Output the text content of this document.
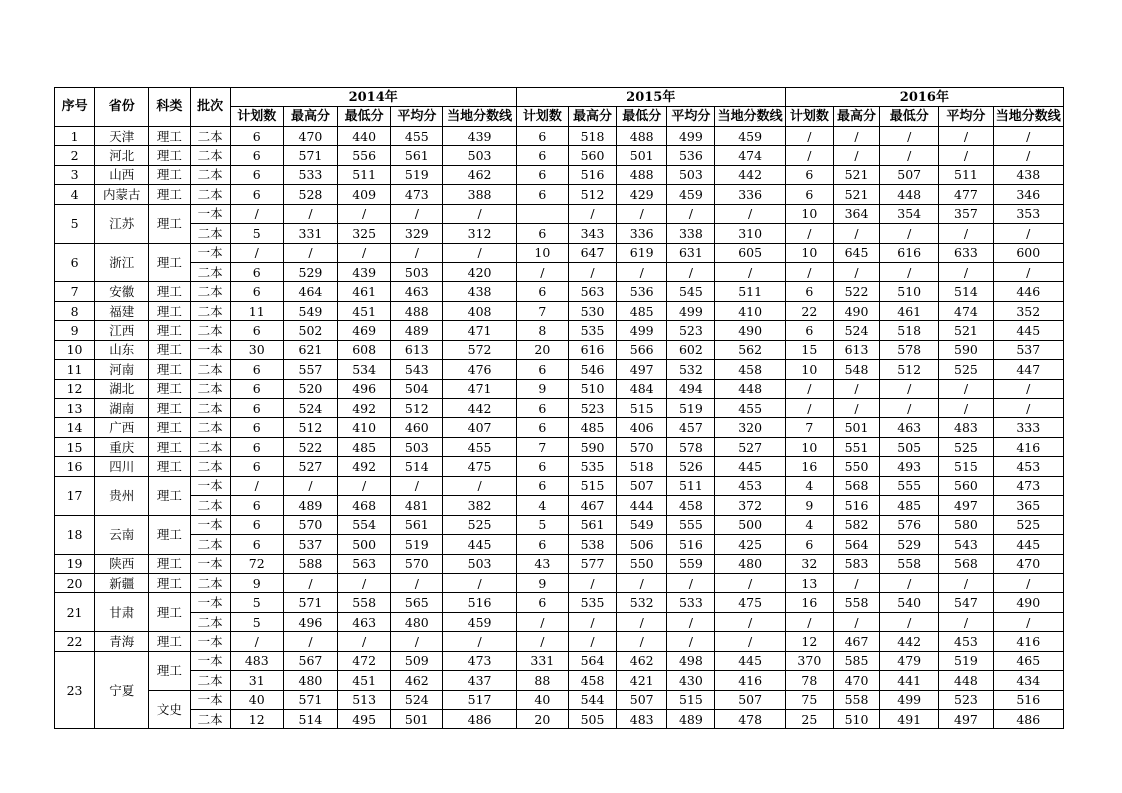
序号	省份	科类	批次	2014年					2015年					2016年				
				计划数	最高分	最低分	平均分	当地分数线	计划数	最高分	最低分	平均分	当地分数线	计划数	最高分	最低分	平均分	当地分数线
1	天津	理工	二本	6	470	440	455	439	6	518	488	499	459	/	/	/	/	/
2	河北	理工	二本	6	571	556	561	503	6	560	501	536	474	/	/	/	/	/
3	山西	理工	二本	6	533	511	519	462	6	516	488	503	442	6	521	507	511	438
4	内蒙古	理工	二本	6	528	409	473	388	6	512	429	459	336	6	521	448	477	346
5	江苏	理工	一本	/	/	/	/	/		/	/	/	/	10	364	354	357	353
			二本	5	331	325	329	312	6	343	336	338	310	/	/	/	/	/
6	浙江	理工	一本	/	/	/	/	/	10	647	619	631	605	10	645	616	633	600
			二本	6	529	439	503	420	/	/	/	/	/	/	/	/	/	/
7	安徽	理工	二本	6	464	461	463	438	6	563	536	545	511	6	522	510	514	446
8	福建	理工	二本	11	549	451	488	408	7	530	485	499	410	22	490	461	474	352
9	江西	理工	二本	6	502	469	489	471	8	535	499	523	490	6	524	518	521	445
10	山东	理工	一本	30	621	608	613	572	20	616	566	602	562	15	613	578	590	537
11	河南	理工	二本	6	557	534	543	476	6	546	497	532	458	10	548	512	525	447
12	湖北	理工	二本	6	520	496	504	471	9	510	484	494	448	/	/	/	/	/
13	湖南	理工	二本	6	524	492	512	442	6	523	515	519	455	/	/	/	/	/
14	广西	理工	二本	6	512	410	460	407	6	485	406	457	320	7	501	463	483	333
15	重庆	理工	二本	6	522	485	503	455	7	590	570	578	527	10	551	505	525	416
16	四川	理工	二本	6	527	492	514	475	6	535	518	526	445	16	550	493	515	453
17	贵州	理工	一本	/	/	/	/	/	6	515	507	511	453	4	568	555	560	473
			二本	6	489	468	481	382	4	467	444	458	372	9	516	485	497	365
18	云南	理工	一本	6	570	554	561	525	5	561	549	555	500	4	582	576	580	525
			二本	6	537	500	519	445	6	538	506	516	425	6	564	529	543	445
19	陕西	理工	一本	72	588	563	570	503	43	577	550	559	480	32	583	558	568	470
20	新疆	理工	二本	9	/	/	/	/	9	/	/	/	/	13	/	/	/	/
21	甘肃	理工	一本	5	571	558	565	516	6	535	532	533	475	16	558	540	547	490
			二本	5	496	463	480	459	/	/	/	/	/	/	/	/	/	/
22	青海	理工	一本	/	/	/	/	/	/	/	/	/	/	12	467	442	453	416
23	宁夏	理工	一本	483	567	472	509	473	331	564	462	498	445	370	585	479	519	465
			二本	31	480	451	462	437	88	458	421	430	416	78	470	441	448	434
		文史	一本	40	571	513	524	517	40	544	507	515	507	75	558	499	523	516
			二本	12	514	495	501	486	20	505	483	489	478	25	510	491	497	486
